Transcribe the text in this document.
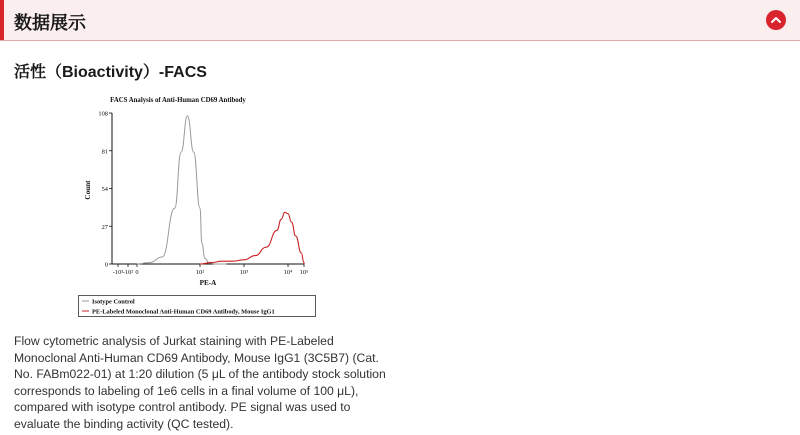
数据展示
活性（Bioactivity）-FACS
FACS Analysis of Anti-Human CD69 Antibody
Count
PE-A
0
27
54
81
108
-10³ -10² 0	10²	10³	10⁴ 10⁵
Isotype Control
PE-Labeled Monoclonal Anti-Human CD69 Antibody, Mouse IgG1
Flow cytometric analysis of Jurkat staining with PE-Labeled Monoclonal Anti-Human CD69 Antibody, Mouse IgG1 (3C5B7) (Cat. No. FABm022-01) at 1:20 dilution (5 μL of the antibody stock solution corresponds to labeling of 1e6 cells in a final volume of 100 μL), compared with isotype control antibody. PE signal was used to evaluate the binding activity (QC tested).
